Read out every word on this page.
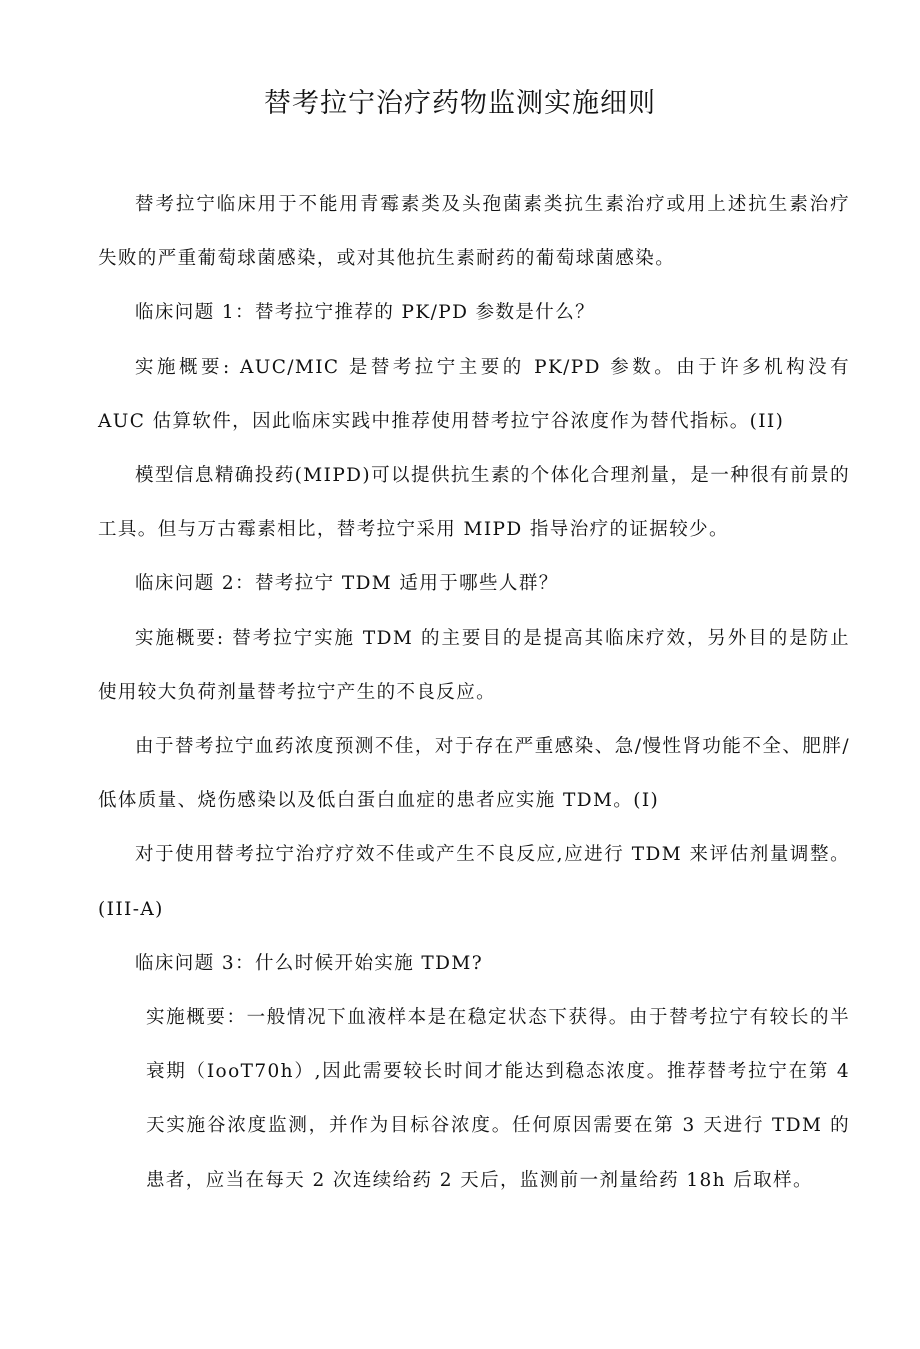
替考拉宁治疗药物监测实施细则

替考拉宁临床用于不能用青霉素类及头孢菌素类抗生素治疗或用上述抗生素治疗失败的严重葡萄球菌感染，或对其他抗生素耐药的葡萄球菌感染。

临床问题 1：替考拉宁推荐的 PK/PD 参数是什么？

实施概要: AUC/MIC 是替考拉宁主要的 PK/PD 参数。由于许多机构没有 AUC 估算软件，因此临床实践中推荐使用替考拉宁谷浓度作为替代指标。(II)

模型信息精确投药(MIPD)可以提供抗生素的个体化合理剂量，是一种很有前景的工具。但与万古霉素相比，替考拉宁采用 MIPD 指导治疗的证据较少。

临床问题 2：替考拉宁 TDM 适用于哪些人群？

实施概要: 替考拉宁实施 TDM 的主要目的是提高其临床疗效，另外目的是防止使用较大负荷剂量替考拉宁产生的不良反应。

由于替考拉宁血药浓度预测不佳，对于存在严重感染、急/慢性肾功能不全、肥胖/低体质量、烧伤感染以及低白蛋白血症的患者应实施 TDM。(I)

对于使用替考拉宁治疗疗效不佳或产生不良反应,应进行 TDM 来评估剂量调整。(III-A)

临床问题 3：什么时候开始实施 TDM?

实施概要：一般情况下血液样本是在稳定状态下获得。由于替考拉宁有较长的半衰期（IooT70h）,因此需要较长时间才能达到稳态浓度。推荐替考拉宁在第 4 天实施谷浓度监测，并作为目标谷浓度。任何原因需要在第 3 天进行 TDM 的患者，应当在每天 2 次连续给药 2 天后，监测前一剂量给药 18h 后取样。
